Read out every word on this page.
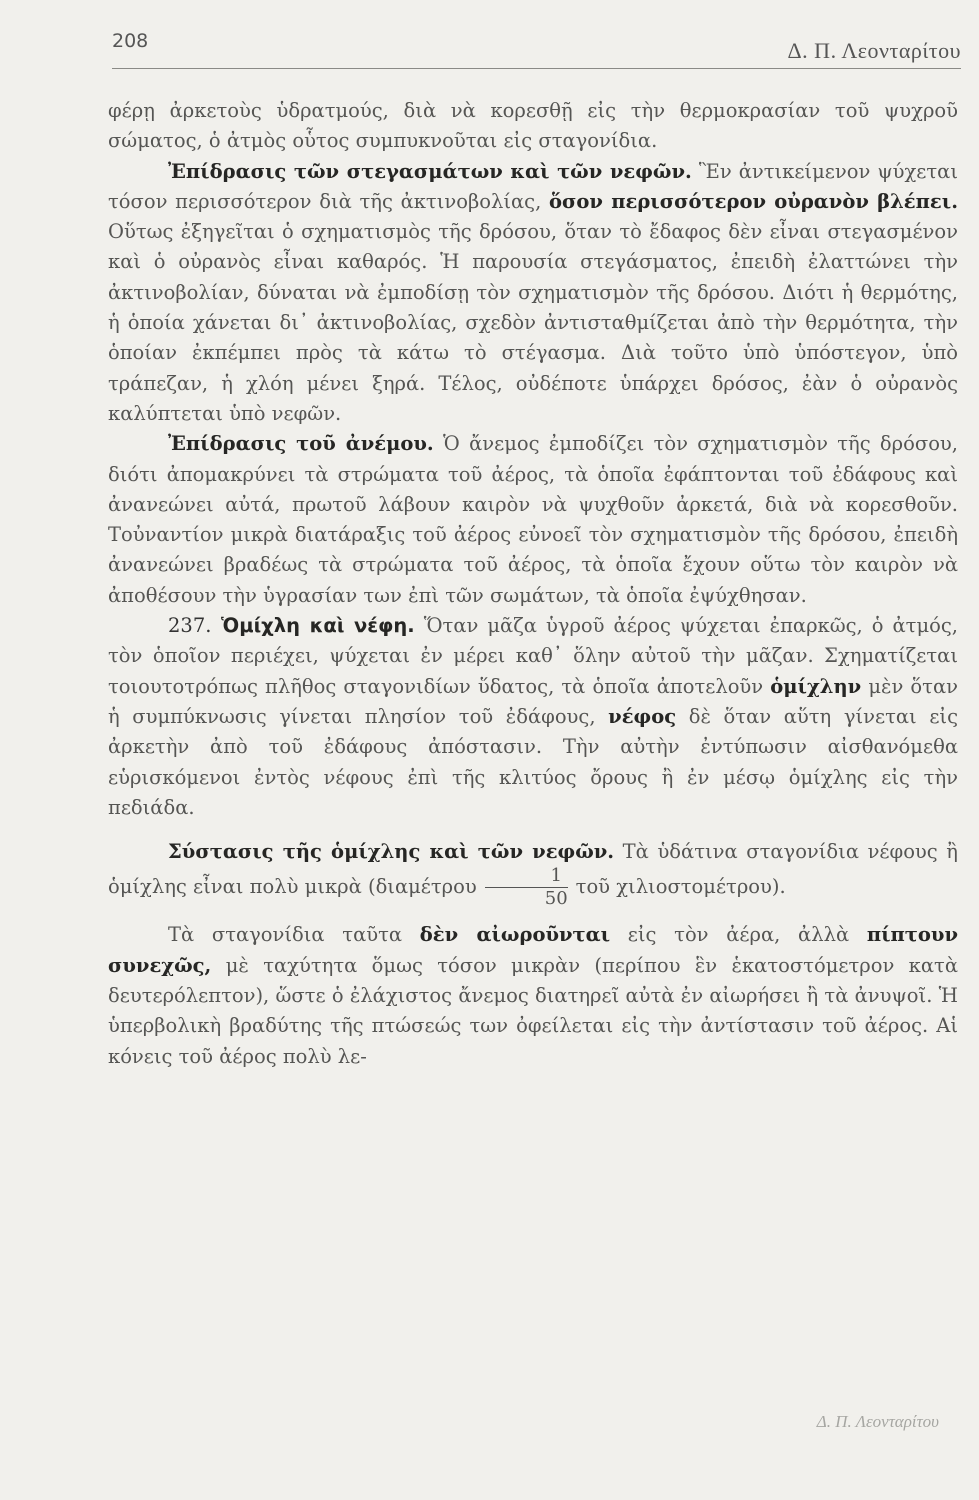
208	Δ. Π. Λεονταρίτου

φέρῃ ἀρκετοὺς ὑδρατμούς, διὰ νὰ κορεσθῇ εἰς τὴν θερμοκρασίαν τοῦ ψυχροῦ σώματος, ὁ ἀτμὸς οὗτος συμπυκνοῦται εἰς σταγονίδια.

Ἐπίδρασις τῶν στεγασμάτων καὶ τῶν νεφῶν. Ἓν ἀντικείμενον ψύχεται τόσον περισσότερον διὰ τῆς ἀκτινοβολίας, ὅσον περισσότερον οὐρανὸν βλέπει. Οὕτως ἐξηγεῖται ὁ σχηματισμὸς τῆς δρόσου, ὅταν τὸ ἔδαφος δὲν εἶναι στεγασμένον καὶ ὁ οὐρανὸς εἶναι καθαρός. Ἡ παρουσία στεγάσματος, ἐπειδὴ ἐλαττώνει τὴν ἀκτινοβολίαν, δύναται νὰ ἐμποδίσῃ τὸν σχηματισμὸν τῆς δρόσου. Διότι ἡ θερμότης, ἡ ὁποία χάνεται δι᾽ ἀκτινοβολίας, σχεδὸν ἀντισταθμίζεται ἀπὸ τὴν θερμότητα, τὴν ὁποίαν ἐκπέμπει πρὸς τὰ κάτω τὸ στέγασμα. Διὰ τοῦτο ὑπὸ ὑπόστεγον, ὑπὸ τράπεζαν, ἡ χλόη μένει ξηρά. Τέλος, οὐδέποτε ὑπάρχει δρόσος, ἐὰν ὁ οὐρανὸς καλύπτεται ὑπὸ νεφῶν.

Ἐπίδρασις τοῦ ἀνέμου. Ὁ ἄνεμος ἐμποδίζει τὸν σχηματισμὸν τῆς δρόσου, διότι ἀπομακρύνει τὰ στρώματα τοῦ ἀέρος, τὰ ὁποῖα ἐφάπτονται τοῦ ἐδάφους καὶ ἀνανεώνει αὐτά, πρωτοῦ λάβουν καιρὸν νὰ ψυχθοῦν ἀρκετά, διὰ νὰ κορεσθοῦν. Τοὐναντίον μικρὰ διατάραξις τοῦ ἀέρος εὐνοεῖ τὸν σχηματισμὸν τῆς δρόσου, ἐπειδὴ ἀνανεώνει βραδέως τὰ στρώματα τοῦ ἀέρος, τὰ ὁποῖα ἔχουν οὕτω τὸν καιρὸν νὰ ἀποθέσουν τὴν ὑγρασίαν των ἐπὶ τῶν σωμάτων, τὰ ὁποῖα ἐψύχθησαν.

237. Ὁμίχλη καὶ νέφη. Ὅταν μᾶζα ὑγροῦ ἀέρος ψύχεται ἐπαρκῶς, ὁ ἀτμός, τὸν ὁποῖον περιέχει, ψύχεται ἐν μέρει καθ᾽ ὅλην αὐτοῦ τὴν μᾶζαν. Σχηματίζεται τοιουτοτρόπως πλῆθος σταγονιδίων ὕδατος, τὰ ὁποῖα ἀποτελοῦν ὁμίχλην μὲν ὅταν ἡ συμπύκνωσις γίνεται πλησίον τοῦ ἐδάφους, νέφος δὲ ὅταν αὕτη γίνεται εἰς ἀρκετὴν ἀπὸ τοῦ ἐδάφους ἀπόστασιν. Τὴν αὐτὴν ἐντύπωσιν αἰσθανόμεθα εὑρισκόμενοι ἐντὸς νέφους ἐπὶ τῆς κλιτύος ὄρους ἢ ἐν μέσῳ ὁμίχλης εἰς τὴν πεδιάδα.

Σύστασις τῆς ὁμίχλης καὶ τῶν νεφῶν. Τὰ ὑδάτινα σταγονίδια νέφους ἢ ὁμίχλης εἶναι πολὺ μικρὰ ($\delta\iota\alpha\mu έ\tau\rho o\upsilon \frac{1}{50}$ τοῦ χιλιοστομέτρου).

Τὰ σταγονίδια ταῦτα δὲν αἰωροῦνται εἰς τὸν ἀέρα, ἀλλὰ πίπτουν συνεχῶς, μὲ ταχύτητα ὅμως τόσον μικρὰν (περίπου ἓν ἑκατοστόμετρον κατὰ δευτερόλεπτον), ὥστε ὁ ἐλάχιστος ἄνεμος διατηρεῖ αὐτὰ ἐν αἰωρήσει ἢ τὰ ἀνυψοῖ. Ἡ ὑπερβολικὴ βραδύτης τῆς πτώσεώς των ὀφείλεται εἰς τὴν ἀντίστασιν τοῦ ἀέρος. Αἱ κόνεις τοῦ ἀέρος πολὺ λε-

Δ. Π. Λεονταρίτου
